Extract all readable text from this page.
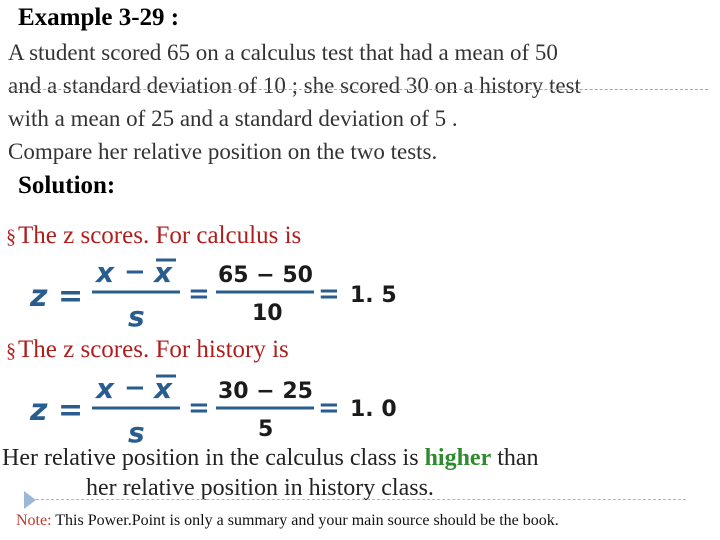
Example 3-29 :
A student scored 65 on a calculus test that had a mean of 50
and a standard deviation of 10 ; she scored 30 on a history test
with a mean of 25 and a standard deviation of 5 .
Compare her relative position on the two tests.
Solution:
§The z scores. For calculus is
z =
x − x
s
=
65 − 50
10
= 1. 5
§The z scores. For history is
z =
x − x
s
=
30 − 25
5
= 1. 0
Her relative position in the calculus class is higher than
her relative position in history class.
Note: This Power.Point is only a summary and your main source should be the book.
